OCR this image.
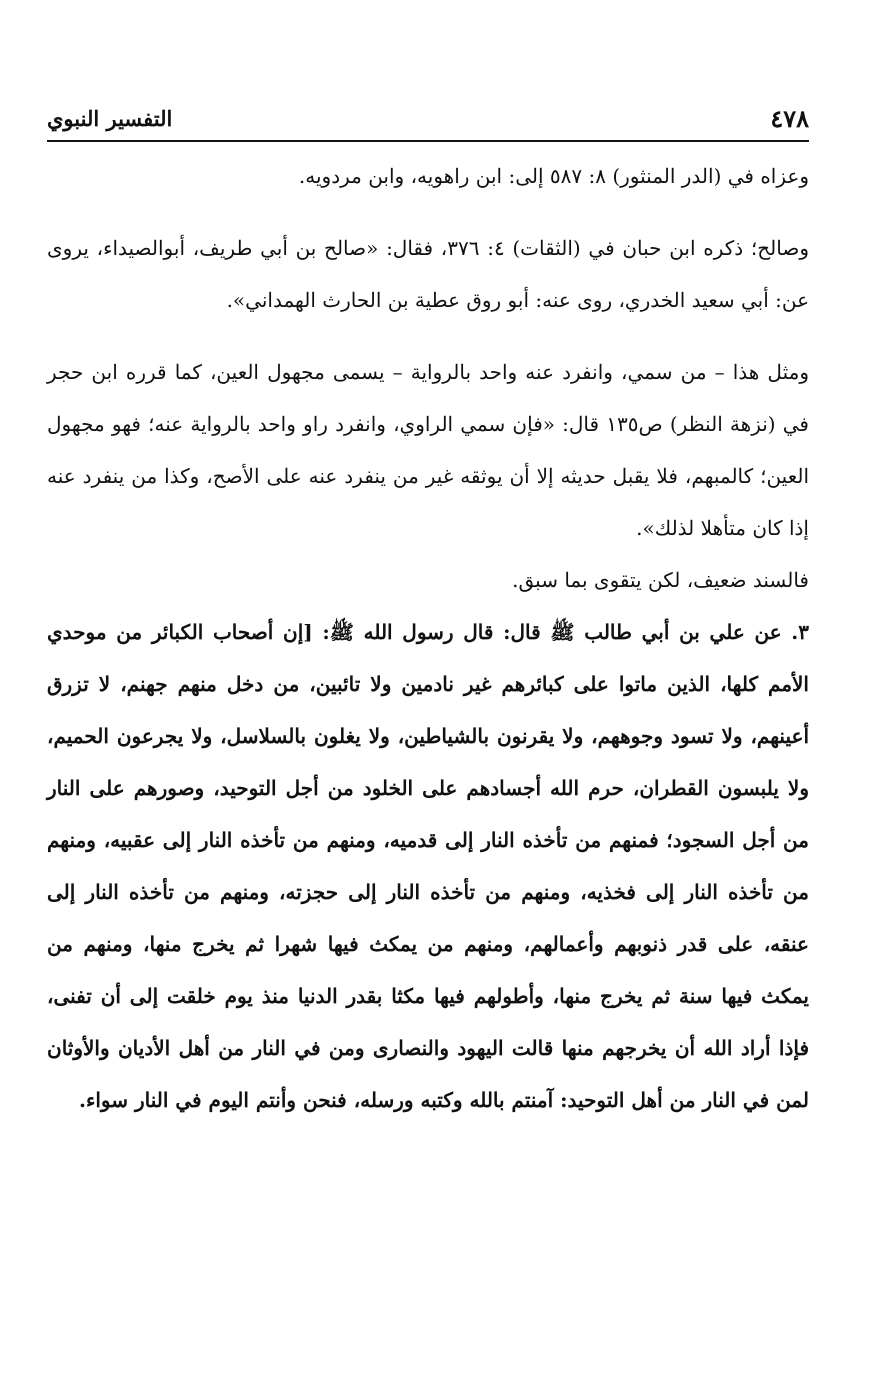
٤٧٨
التفسير النبوي

وعزاه في (الدر المنثور) ٨: ٥٨٧ إلى: ابن راهويه، وابن مردويه.

وصالح؛ ذكره ابن حبان في (الثقات) ٤: ٣٧٦، فقال: «صالح بن أبي طريف، أبوالصيداء، يروى عن: أبي سعيد الخدري، روى عنه: أبو روق عطية بن الحارث الهمداني».

ومثل هذا – من سمي، وانفرد عنه واحد بالرواية – يسمى مجهول العين، كما قرره ابن حجر في (نزهة النظر) ص١٣٥ قال: «فإن سمي الراوي، وانفرد راو واحد بالرواية عنه؛ فهو مجهول العين؛ كالمبهم، فلا يقبل حديثه إلا أن يوثقه غير من ينفرد عنه على الأصح، وكذا من ينفرد عنه إذا كان متأهلا لذلك».

فالسند ضعيف، لكن يتقوى بما سبق.

٣. عن علي بن أبي طالب ﷺ قال: قال رسول الله ﷺ: [إن أصحاب الكبائر من موحدي الأمم كلها، الذين ماتوا على كبائرهم غير نادمين ولا تائبين، من دخل منهم جهنم، لا تزرق أعينهم، ولا تسود وجوههم، ولا يقرنون بالشياطين، ولا يغلون بالسلاسل، ولا يجرعون الحميم، ولا يلبسون القطران، حرم الله أجسادهم على الخلود من أجل التوحيد، وصورهم على النار من أجل السجود؛ فمنهم من تأخذه النار إلى قدميه، ومنهم من تأخذه النار إلى عقبيه، ومنهم من تأخذه النار إلى فخذيه، ومنهم من تأخذه النار إلى حجزته، ومنهم من تأخذه النار إلى عنقه، على قدر ذنوبهم وأعمالهم، ومنهم من يمكث فيها شهرا ثم يخرج منها، ومنهم من يمكث فيها سنة ثم يخرج منها، وأطولهم فيها مكثا بقدر الدنيا منذ يوم خلقت إلى أن تفنى، فإذا أراد الله أن يخرجهم منها قالت اليهود والنصارى ومن في النار من أهل الأديان والأوثان لمن في النار من أهل التوحيد: آمنتم بالله وكتبه ورسله، فنحن وأنتم اليوم في النار سواء.
